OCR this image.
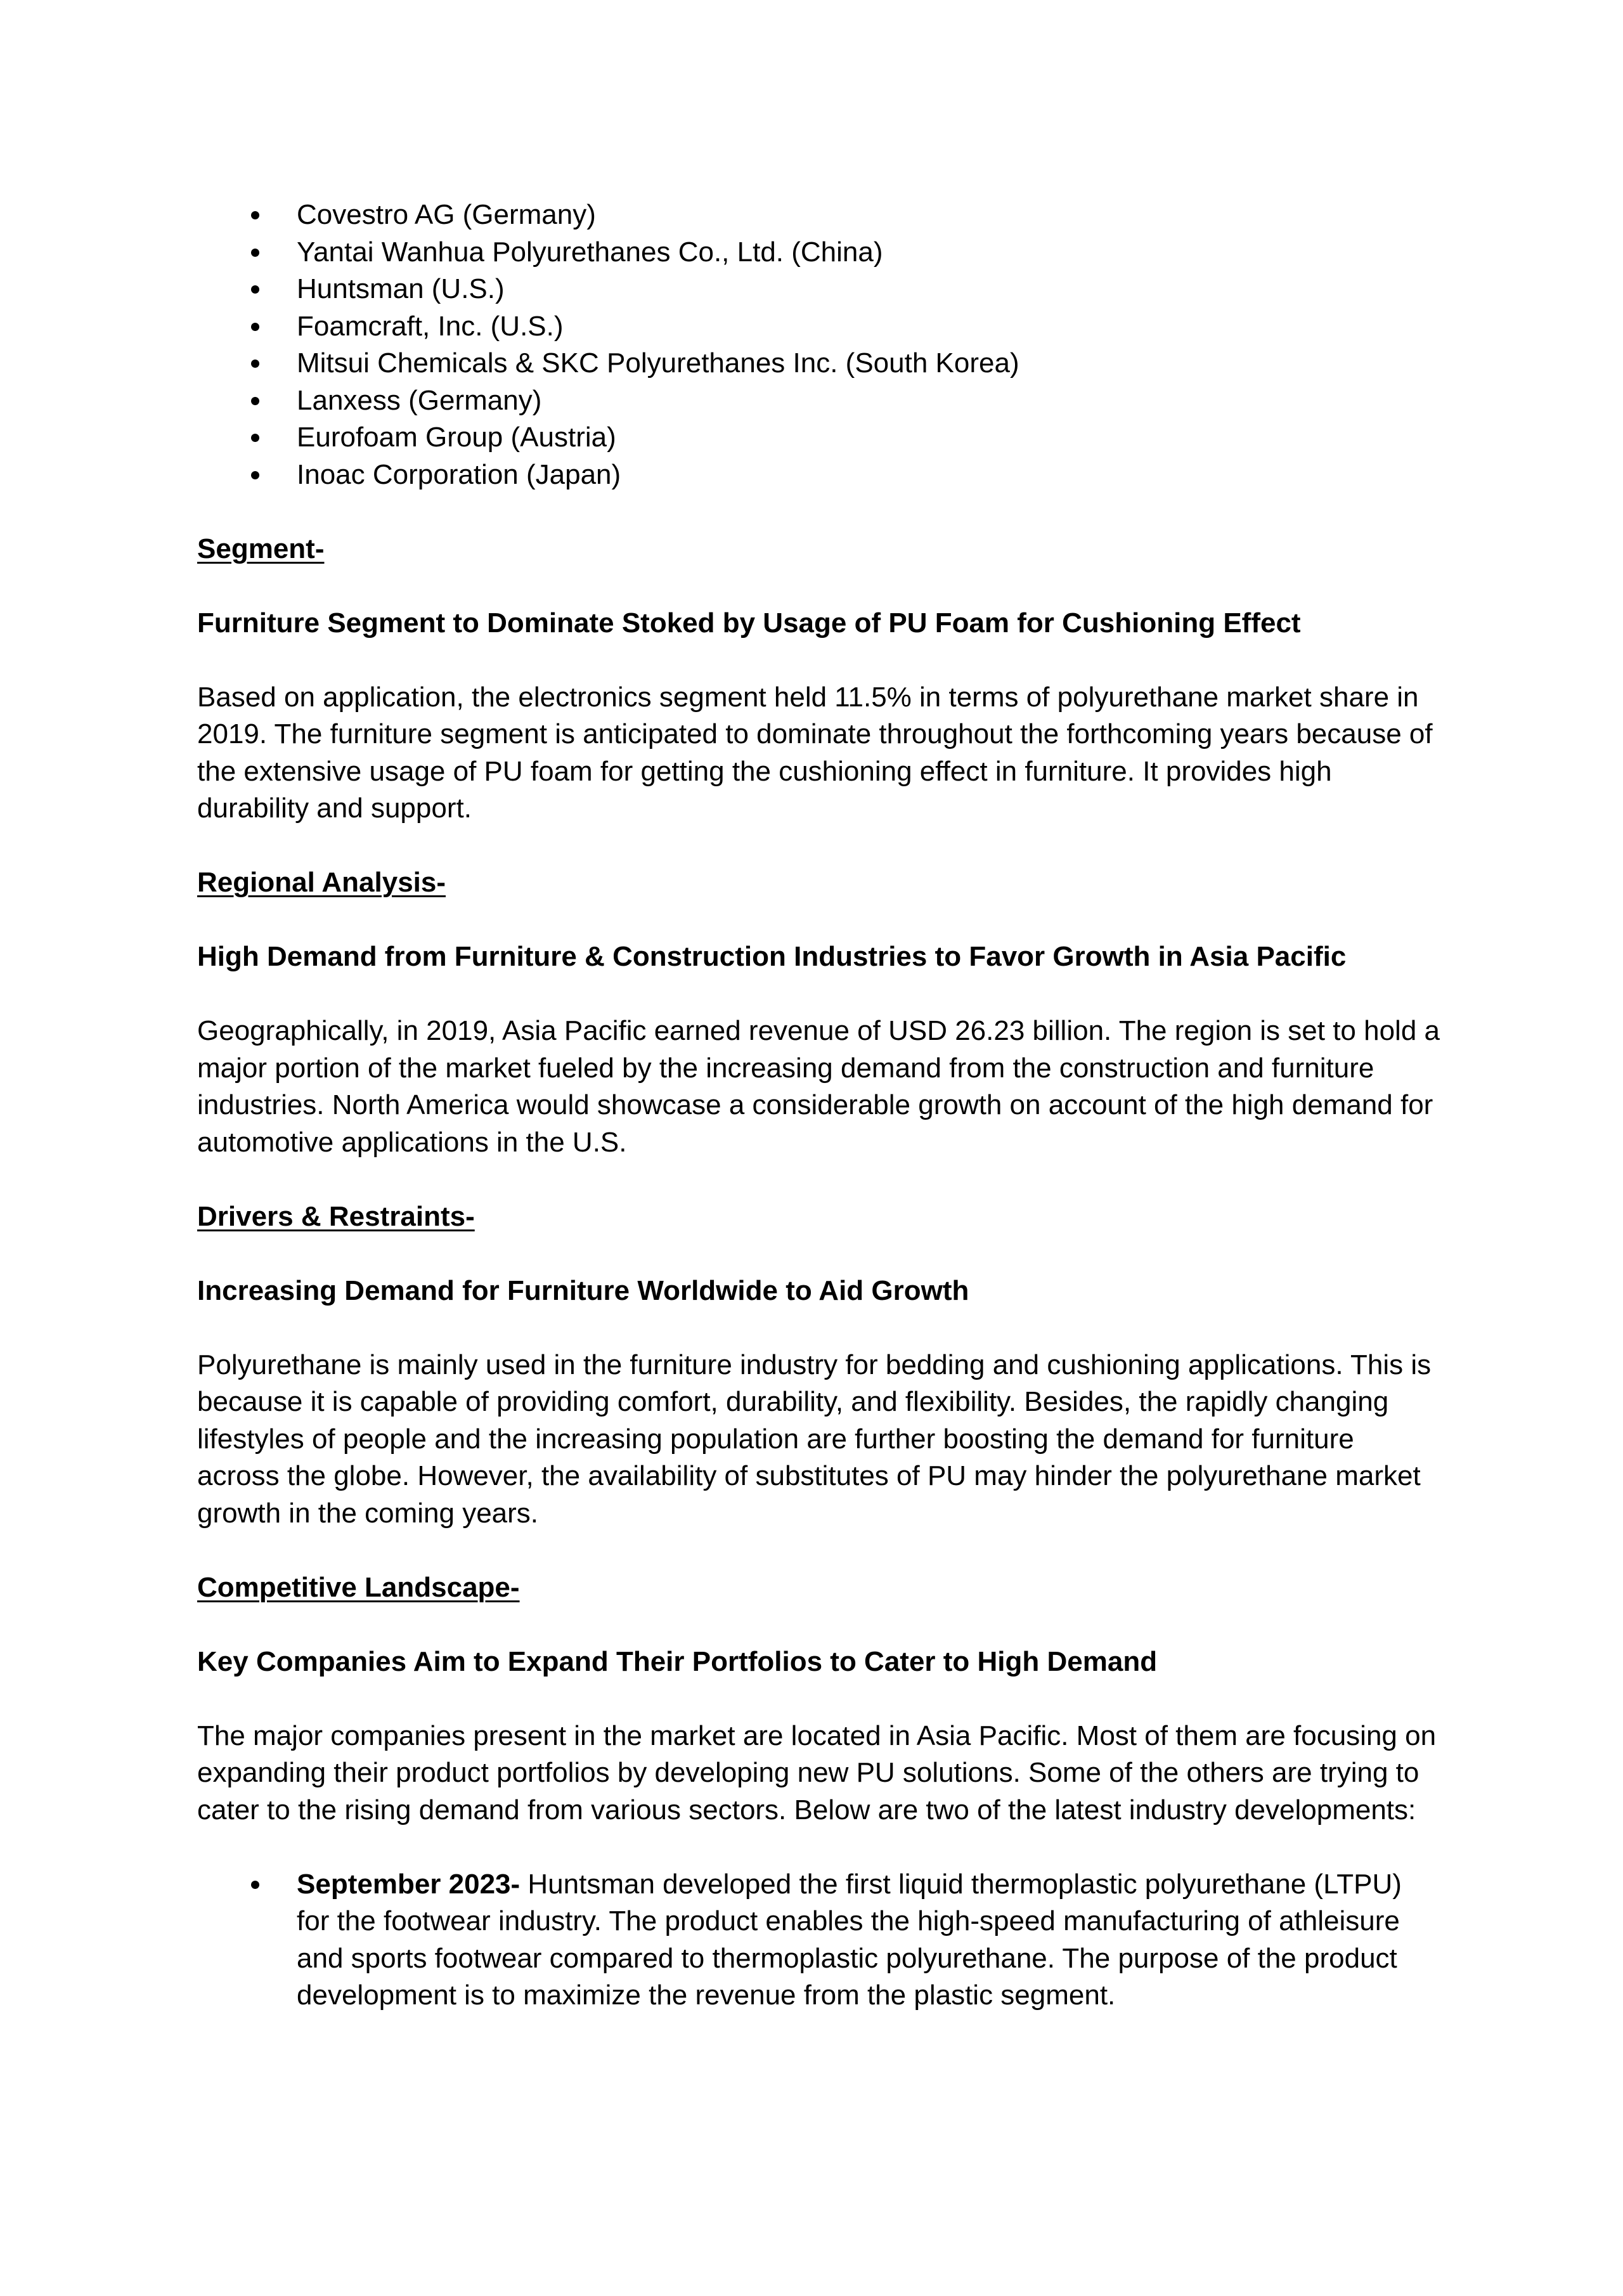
Covestro AG (Germany)
Yantai Wanhua Polyurethanes Co., Ltd. (China)
Huntsman (U.S.)
Foamcraft, Inc. (U.S.)
Mitsui Chemicals & SKC Polyurethanes Inc. (South Korea)
Lanxess (Germany)
Eurofoam Group (Austria)
Inoac Corporation (Japan)

Segment-

Furniture Segment to Dominate Stoked by Usage of PU Foam for Cushioning Effect

Based on application, the electronics segment held 11.5% in terms of polyurethane market share in 2019. The furniture segment is anticipated to dominate throughout the forthcoming years because of the extensive usage of PU foam for getting the cushioning effect in furniture. It provides high durability and support.

Regional Analysis-

High Demand from Furniture & Construction Industries to Favor Growth in Asia Pacific

Geographically, in 2019, Asia Pacific earned revenue of USD 26.23 billion. The region is set to hold a major portion of the market fueled by the increasing demand from the construction and furniture industries. North America would showcase a considerable growth on account of the high demand for automotive applications in the U.S.

Drivers & Restraints-

Increasing Demand for Furniture Worldwide to Aid Growth

Polyurethane is mainly used in the furniture industry for bedding and cushioning applications. This is because it is capable of providing comfort, durability, and flexibility. Besides, the rapidly changing lifestyles of people and the increasing population are further boosting the demand for furniture across the globe. However, the availability of substitutes of PU may hinder the polyurethane market growth in the coming years.

Competitive Landscape-

Key Companies Aim to Expand Their Portfolios to Cater to High Demand

The major companies present in the market are located in Asia Pacific. Most of them are focusing on expanding their product portfolios by developing new PU solutions. Some of the others are trying to cater to the rising demand from various sectors. Below are two of the latest industry developments:

September 2023- Huntsman developed the first liquid thermoplastic polyurethane (LTPU) for the footwear industry. The product enables the high-speed manufacturing of athleisure and sports footwear compared to thermoplastic polyurethane. The purpose of the product development is to maximize the revenue from the plastic segment.
